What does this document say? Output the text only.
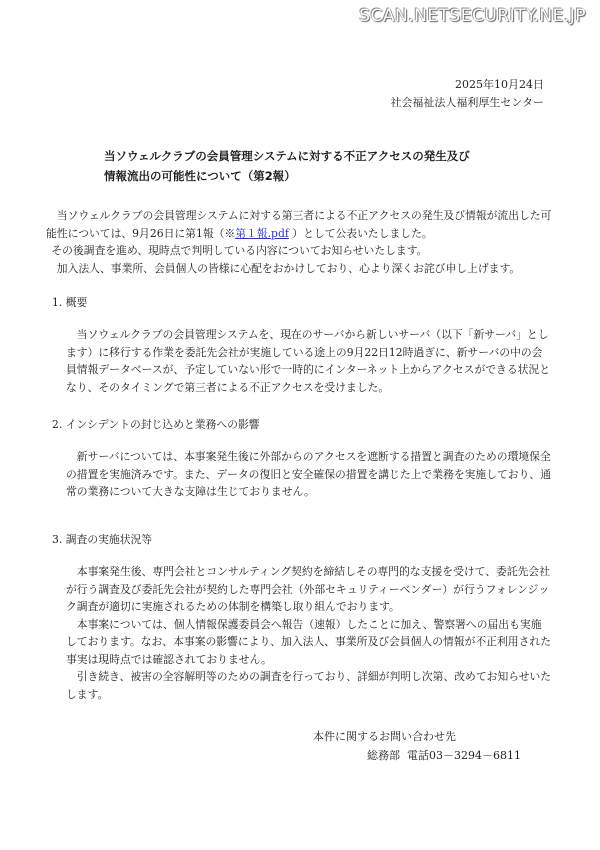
SCAN.NETSECURITY.NE.JP
2025年10月24日
社会福祉法人福利厚生センター
当ソウェルクラブの会員管理システムに対する不正アクセスの発生及び
情報流出の可能性について（第2報）

当ソウェルクラブの会員管理システムに対する第三者による不正アクセスの発生及び情報が流出した可能性については、9月26日に第1報（※第１報.pdf ）として公表いたしました。

その後調査を進め、現時点で判明している内容についてお知らせいたします。

加入法人、事業所、会員個人の皆様に心配をおかけしており、心より深くお詫び申し上げます。

1. 概要

当ソウェルクラブの会員管理システムを、現在のサーバから新しいサーバ（以下「新サーバ」とします）に移行する作業を委託先会社が実施している途上の9月22日12時過ぎに、新サーバの中の会員情報データベースが、予定していない形で一時的にインターネット上からアクセスができる状況となり、そのタイミングで第三者による不正アクセスを受けました。

2. インシデントの封じ込めと業務への影響

新サーバについては、本事案発生後に外部からのアクセスを遮断する措置と調査のための環境保全の措置を実施済みです。また、データの復旧と安全確保の措置を講じた上で業務を実施しており、通常の業務について大きな支障は生じておりません。

3. 調査の実施状況等

本事案発生後、専門会社とコンサルティング契約を締結しその専門的な支援を受けて、委託先会社が行う調査及び委託先会社が契約した専門会社（外部セキュリティーベンダー）が行うフォレンジック調査が適切に実施されるための体制を構築し取り組んでおります。

本事案については、個人情報保護委員会へ報告（速報）したことに加え、警察署への届出も実施しております。なお、本事案の影響により、加入法人、事業所及び会員個人の情報が不正利用された事実は現時点では確認されておりません。

引き続き、被害の全容解明等のための調査を行っており、詳細が判明し次第、改めてお知らせいたします。

本件に関するお問い合わせ先
総務部 電話03－3294－6811
